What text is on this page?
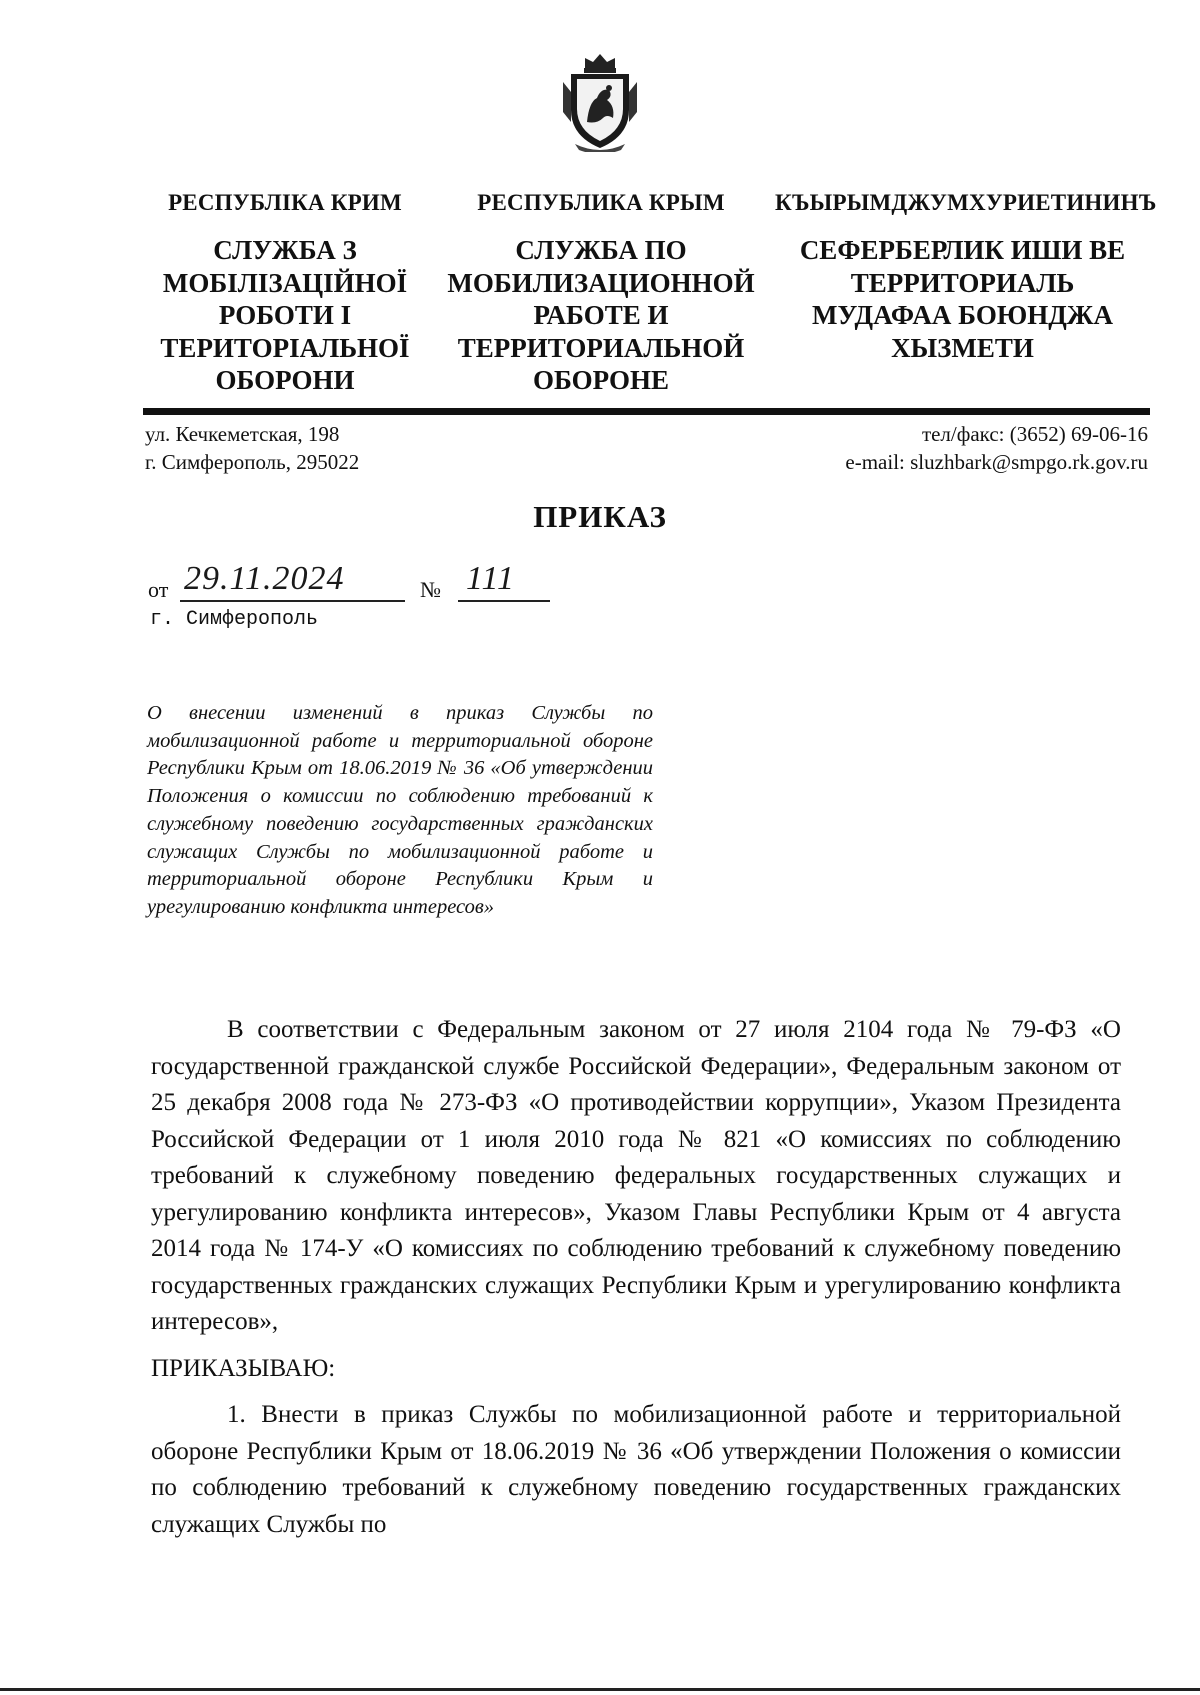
РЕСПУБЛІКА КРИМ
СЛУЖБА З
МОБІЛІЗАЦІЙНОЇ
РОБОТИ І
ТЕРИТОРІАЛЬНОЇ
ОБОРОНИ
РЕСПУБЛИКА КРЫМ
СЛУЖБА ПО
МОБИЛИЗАЦИОННОЙ
РАБОТЕ И
ТЕРРИТОРИАЛЬНОЙ
ОБОРОНЕ
КЪЫРЫМДЖУМХУРИЕТИНИНЪ
СЕФЕРБЕРЛИК ИШИ ВЕ
ТЕРРИТОРИАЛЬ
МУДАФАА БОЮНДЖА
ХЫЗМЕТИ
ул. Кечкеметская, 198
г. Симферополь, 295022
тел/факс: (3652) 69-06-16
e-mail: sluzhbark@smpgo.rk.gov.ru
ПРИКАЗ
от 29.11.2024	№ 111
г. Симферополь
О внесении изменений в приказ Службы по мобилизационной работе и территориальной обороне Республики Крым от 18.06.2019 № 36 «Об утверждении Положения о комиссии по соблюдению требований к служебному поведению государственных гражданских служащих Службы по мобилизационной работе и территориальной обороне Республики Крым и урегулированию конфликта интересов»

В соответствии с Федеральным законом от 27 июля 2104 года № 79-ФЗ «О государственной гражданской службе Российской Федерации», Федеральным законом от 25 декабря 2008 года № 273-ФЗ «О противодействии коррупции», Указом Президента Российской Федерации от 1 июля 2010 года № 821 «О комиссиях по соблюдению требований к служебному поведению федеральных государственных служащих и урегулированию конфликта интересов», Указом Главы Республики Крым от 4 августа 2014 года № 174-У «О комиссиях по соблюдению требований к служебному поведению государственных гражданских служащих Республики Крым и урегулированию конфликта интересов»,

ПРИКАЗЫВАЮ:

1. Внести в приказ Службы по мобилизационной работе и территориальной обороне Республики Крым от 18.06.2019 № 36 «Об утверждении Положения о комиссии по соблюдению требований к служебному поведению государственных гражданских служащих Службы по
